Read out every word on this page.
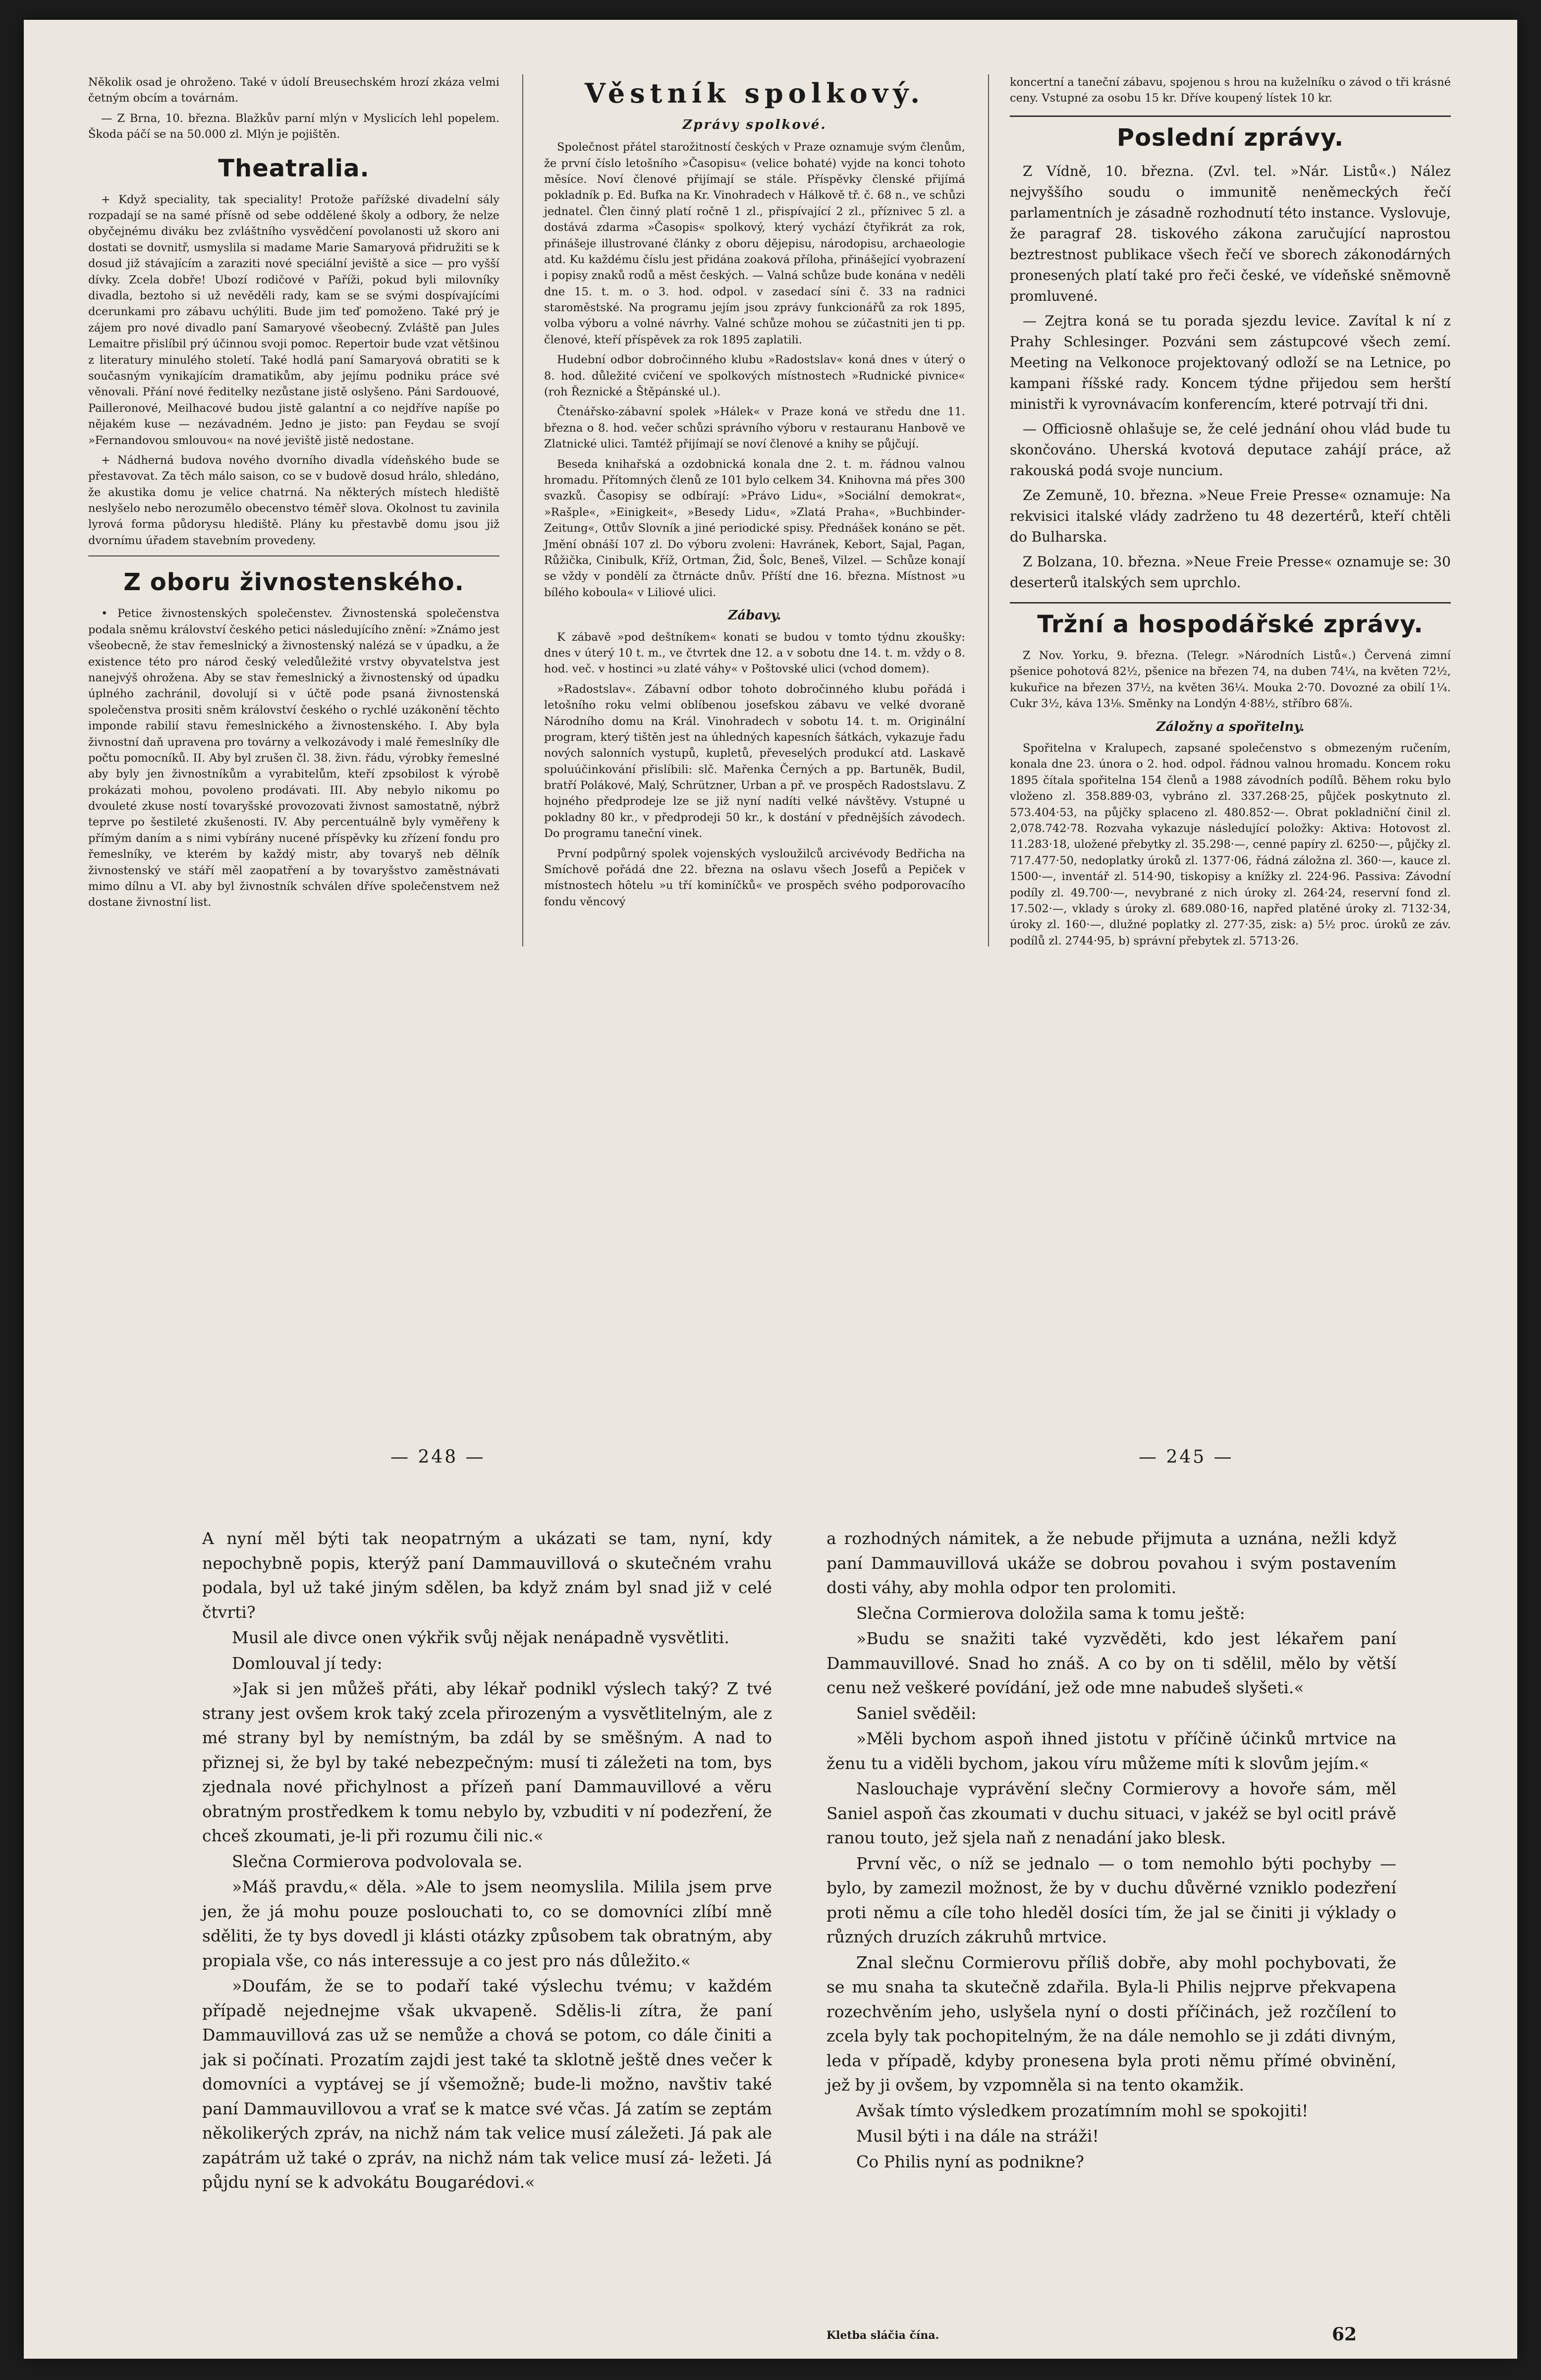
Několik osad je ohroženo. Také v údolí Breusechském hrozí zkáza velmi četným obcím a továrnám.

— Z Brna, 10. března. Blažkův parní mlýn v Myslicích lehl popelem. Škoda páčí se na 50.000 zl. Mlýn je pojištěn.

Theatralia.

+ Když speciality, tak speciality! Protože pařížské divadelní sály rozpadají se na samé přísně od sebe oddělené školy a odbory, že nelze obyčejnému diváku bez zvláštního vysvědčení povolanosti už skoro ani dostati se dovnitř, usmyslila si madame Marie Samaryová přidružiti se k dosud již stávajícím a zaraziti nové speciální jeviště a sice — pro vyšší dívky. Zcela dobře! Ubozí rodičové v Paříži, pokud byli milovníky divadla, beztoho si už nevěděli rady, kam se se svými dospívajícími dcerunkami pro zábavu uchýliti. Bude jim teď pomoženo. Také prý je zájem pro nové divadlo paní Samaryové všeobecný. Zvláště pan Jules Lemaitre přislíbil prý účinnou svoji pomoc. Repertoir bude vzat většinou z literatury minulého století. Také hodlá paní Samaryová obratiti se k současným vynikajícím dramatikům, aby jejímu podniku práce své věnovali. Přání nové ředitelky nezůstane jistě oslyšeno. Páni Sardouové, Pailleronové, Meilhacové budou jistě galantní a co nejdříve napíše po nějakém kuse — nezávadném. Jedno je jisto: pan Feydau se svojí »Fernandovou smlouvou« na nové jeviště jistě nedostane.

+ Nádherná budova nového dvorního divadla vídeňského bude se přestavovat. Za těch málo saison, co se v budově dosud hrálo, shledáno, že akustika domu je velice chatrná. Na některých místech hlediště neslyšelo nebo nerozumělo obecenstvo téměř slova. Okolnost tu zavinila lyrová forma půdorysu hlediště. Plány ku přestavbě domu jsou již dvornímu úřadem stavebním provedeny.

Z oboru živnostenského.

• Petice živnostenských společenstev. Živnostenská společenstva podala sněmu království českého petici následujícího znění: »Známo jest všeobecně, že stav řemeslnický a živnostenský nalézá se v úpadku, a že existence této pro národ český veledůležité vrstvy obyvatelstva jest nanejvýš ohrožena. Aby se stav řemeslnický a živnostenský od úpadku úplného zachránil, dovolují si v účtě pode psaná živnostenská společenstva prositi sněm království českého o rychlé uzákonění těchto imponde rabilií stavu řemeslnického a živnostenského. I. Aby byla živnostní daň upravena pro továrny a velkozávody i malé řemeslníky dle počtu pomocníků. II. Aby byl zrušen čl. 38. živn. řádu, výrobky řemeslné aby byly jen živnostníkům a vyrabitelům, kteří zpsobilost k výrobě prokázati mohou, povoleno prodávati. III. Aby nebylo nikomu po dvouleté zkuse ností tovaryšské provozovati živnost samostatně, nýbrž teprve po šestileté zkušenosti. IV. Aby percentuálně byly vyměřeny k přímým daním a s nimi vybírány nucené příspěvky ku zřízení fondu pro řemeslníky, ve kterém by každý mistr, aby tovaryš neb dělník živnostenský ve stáří měl zaopatření a by tovaryšstvo zaměstnávati mimo dílnu a VI. aby byl živnostník schválen dříve společenstvem než dostane živnostní list.

Věstník spolkový.
Zprávy spolkové.

Společnost přátel starožitností českých v Praze oznamuje svým členům, že první číslo letošního »Časopisu« (velice bohaté) vyjde na konci tohoto měsíce. Noví členové přijímají se stále. Příspěvky členské přijímá pokladník p. Ed. Bufka na Kr. Vinohradech v Hálkově tř. č. 68 n., ve schůzi jednatel. Člen činný platí ročně 1 zl., přispívající 2 zl., příznivec 5 zl. a dostává zdarma »Časopis« spolkový, který vychází čtyřikrát za rok, přinášeje illustrované články z oboru dějepisu, národopisu, archaeologie atd. Ku každému číslu jest přidána zoaková příloha, přinášející vyobrazení i popisy znaků rodů a měst českých. — Valná schůze bude konána v neděli dne 15. t. m. o 3. hod. odpol. v zasedací síni č. 33 na radnici staroměstské. Na programu jejím jsou zprávy funkcionářů za rok 1895, volba výboru a volné návrhy. Valné schůze mohou se zúčastniti jen ti pp. členové, kteří příspěvek za rok 1895 zaplatili.

Hudební odbor dobročinného klubu »Radostslav« koná dnes v úterý o 8. hod. důležité cvičení ve spolkových místnostech »Rudnické pivnice« (roh Řeznické a Štěpánské ul.).

Čtenářsko-zábavní spolek »Hálek« v Praze koná ve středu dne 11. března o 8. hod. večer schůzi správního výboru v restauranu Hanbově ve Zlatnické ulici. Tamtéž přijímají se noví členové a knihy se půjčují.

Beseda knihařská a ozdobnická konala dne 2. t. m. řádnou valnou hromadu. Přítomných členů ze 101 bylo celkem 34. Knihovna má přes 300 svazků. Časopisy se odbírají: »Právo Lidu«, »Sociální demokrat«, »Rašple«, »Einigkeit«, »Besedy Lidu«, »Zlatá Praha«, »Buchbinder-Zeitung«, Ottův Slovník a jiné periodické spisy. Přednášek konáno se pět. Jmění obnáší 107 zl. Do výboru zvoleni: Havránek, Kebort, Sajal, Pagan, Růžička, Cinibulk, Kříž, Ortman, Žid, Šolc, Beneš, Vilzel. — Schůze konají se vždy v pondělí za čtrnácte dnův. Příští dne 16. března. Místnost »u bílého koboula« v Liliové ulici.

Zábavy.

K zábavě »pod deštníkem« konati se budou v tomto týdnu zkoušky: dnes v úterý 10 t. m., ve čtvrtek dne 12. a v sobotu dne 14. t. m. vždy o 8. hod. več. v hostinci »u zlaté váhy« v Poštovské ulici (vchod domem).

»Radostslav«. Zábavní odbor tohoto dobročinného klubu pořádá i letošního roku velmi oblíbenou josefskou zábavu ve velké dvoraně Národního domu na Král. Vinohradech v sobotu 14. t. m. Originální program, který tištěn jest na úhledných kapesních šátkách, vykazuje řadu nových salonních vystupů, kupletů, převeselých produkcí atd. Laskavě spoluúčinkování přislíbili: slč. Mařenka Černých a pp. Bartuněk, Budil, bratří Polákové, Malý, Schrützner, Urban a př. ve prospěch Radostslavu. Z hojného předprodeje lze se již nyní nadíti velké návštěvy. Vstupné u pokladny 80 kr., v předprodeji 50 kr., k dostání v přednějších závodech. Do programu taneční vinek.

První podpůrný spolek vojenských vysloužilců arcivévody Bedřicha na Smíchově pořádá dne 22. března na oslavu všech Josefů a Pepiček v místnostech hôtelu »u tří kominíčků« ve prospěch svého podporovacího fondu věncový

koncertní a taneční zábavu, spojenou s hrou na kuželníku o závod o tři krásné ceny. Vstupné za osobu 15 kr. Dříve koupený lístek 10 kr.

Poslední zprávy.

Z Vídně, 10. března. (Zvl. tel. »Nár. Listů«.) Nález nejvyššího soudu o immunitě neněmeckých řečí parlamentních je zásadně rozhodnutí této instance. Vyslovuje, že paragraf 28. tiskového zákona zaručující naprostou beztrestnost publikace všech řečí ve sborech zákonodárných pronesených platí také pro řeči české, ve vídeňské sněmovně promluvené.

— Zejtra koná se tu porada sjezdu levice. Zavítal k ní z Prahy Schlesinger. Pozváni sem zástupcové všech zemí. Meeting na Velkonoce projektovaný odloží se na Letnice, po kampani říšské rady. Koncem týdne přijedou sem herští ministři k vyrovnávacím konferencím, které potrvají tři dni.

— Officiosně ohlašuje se, že celé jednání ohou vlád bude tu skončováno. Uherská kvotová deputace zahájí práce, až rakouská podá svoje nuncium.

Ze Zemuně, 10. března. »Neue Freie Presse« oznamuje: Na rekvisici italské vlády zadrženo tu 48 dezertérů, kteří chtěli do Bulharska.

Z Bolzana, 10. března. »Neue Freie Presse« oznamuje se: 30 deserterů italských sem uprchlo.

Tržní a hospodářské zprávy.

Z Nov. Yorku, 9. března. (Telegr. »Národních Listů«.) Červená zimní pšenice pohotová 82½, pšenice na březen 74, na duben 74¼, na květen 72½, kukuřice na březen 37½, na květen 36¼. Mouka 2·70. Dovozné za obilí 1¼. Cukr 3½, káva 13⅛. Směnky na Londýn 4·88½, stříbro 68⅞.

Záložny a spořitelny.

Spořitelna v Kralupech, zapsané společenstvo s obmezeným ručením, konala dne 23. února o 2. hod. odpol. řádnou valnou hromadu. Koncem roku 1895 čítala spořitelna 154 členů a 1988 závodních podílů. Během roku bylo vloženo zl. 358.889·03, vybráno zl. 337.268·25, půjček poskytnuto zl. 573.404·53, na půjčky splaceno zl. 480.852·—. Obrat pokladniční činil zl. 2,078.742·78. Rozvaha vykazuje následující položky: Aktiva: Hotovost zl. 11.283·18, uložené přebytky zl. 35.298·—, cenné papíry zl. 6250·—, půjčky zl. 717.477·50, nedoplatky úroků zl. 1377·06, řádná záložna zl. 360·—, kauce zl. 1500·—, inventář zl. 514·90, tiskopisy a knížky zl. 224·96. Passiva: Závodní podíly zl. 49.700·—, nevybrané z nich úroky zl. 264·24, reservní fond zl. 17.502·—, vklady s úroky zl. 689.080·16, napřed platěné úroky zl. 7132·34, úroky zl. 160·—, dlužné poplatky zl. 277·35, zisk: a) 5½ proc. úroků ze záv. podílů zl. 2744·95, b) správní přebytek zl. 5713·26.

— 248 —	— 245 —

A nyní měl býti tak neopatrným a ukázati se tam, nyní, kdy nepochybně popis, kterýž paní Dammauvillová o skutečném vrahu podala, byl už také jiným sdělen, ba když znám byl snad již v celé čtvrti?

Musil ale divce onen výkřik svůj nějak nenápadně vysvětliti.

Domlouval jí tedy:

»Jak si jen můžeš přáti, aby lékař podnikl výslech taký? Z tvé strany jest ovšem krok taký zcela přirozeným a vysvětlitelným, ale z mé strany byl by nemístným, ba zdál by se směšným. A nad to přiznej si, že byl by také nebezpečným: musí ti záležeti na tom, bys zjednala nové přichylnost a přízeň paní Dammauvillové a věru obratným prostředkem k tomu nebylo by, vzbuditi v ní podezření, že chceš zkoumati, je-li při rozumu čili nic.«

Slečna Cormierova podvolovala se.

»Máš pravdu,« děla. »Ale to jsem neomyslila. Milila jsem prve jen, že já mohu pouze poslouchati to, co se domovníci zlíbí mně sděliti, že ty bys dovedl ji klásti otázky způsobem tak obratným, aby propiala vše, co nás interessuje a co jest pro nás důležito.«

»Doufám, že se to podaří také výslechu tvému; v každém případě nejednejme však ukvapeně. Sdělis-li zítra, že paní Dammauvillová zas už se nemůže a chová se potom, co dále činiti a jak si počínati. Prozatím zajdi jest také ta sklotně ještě dnes večer k domovníci a vyptávej se jí všemožně; bude-li možno, navštiv také paní Dammauvillovou a vrať se k matce své včas. Já zatím se zeptám několikerých zpráv, na nichž nám tak velice musí záležeti. Já pak ale zapátrám už také o zpráv, na nichž nám tak velice musí zá- ležeti. Já půjdu nyní se k advokátu Bougarédovi.«

a rozhodných námitek, a že nebude přijmuta a uznána, nežli když paní Dammauvillová ukáže se dobrou povahou i svým postavením dosti váhy, aby mohla odpor ten prolomiti.

Slečna Cormierova doložila sama k tomu ještě:

»Budu se snažiti také vyzvěděti, kdo jest lékařem paní Dammauvillové. Snad ho znáš. A co by on ti sdělil, mělo by větší cenu než veškeré povídání, jež ode mne nabudeš slyšeti.«

Saniel svěděil:

»Měli bychom aspoň ihned jistotu v příčině účinků mrtvice na ženu tu a viděli bychom, jakou víru můžeme míti k slovům jejím.«

Naslouchaje vyprávění slečny Cormierovy a hovoře sám, měl Saniel aspoň čas zkoumati v duchu situaci, v jakéž se byl ocitl právě ranou touto, jež sjela naň z nenadání jako blesk.

První věc, o níž se jednalo — o tom nemohlo býti pochyby — bylo, by zamezil možnost, že by v duchu důvěrné vzniklo podezření proti němu a cíle toho hleděl dosíci tím, že jal se činiti ji výklady o různých druzích zákruhů mrtvice.

Znal slečnu Cormierovu příliš dobře, aby mohl pochybovati, že se mu snaha ta skutečně zdařila. Byla-li Philis nejprve překvapena rozechvěním jeho, uslyšela nyní o dosti příčinách, jež rozčílení to zcela byly tak pochopitelným, že na dále nemohlo se ji zdáti divným, leda v případě, kdyby pronesena byla proti němu přímé obvinění, jež by ji ovšem, by vzpomněla si na tento okamžik.

Avšak tímto výsledkem prozatímním mohl se spokojiti!

Musil býti i na dále na stráži!

Co Philis nyní as podnikne?

Kletba sláčia čína.	62
